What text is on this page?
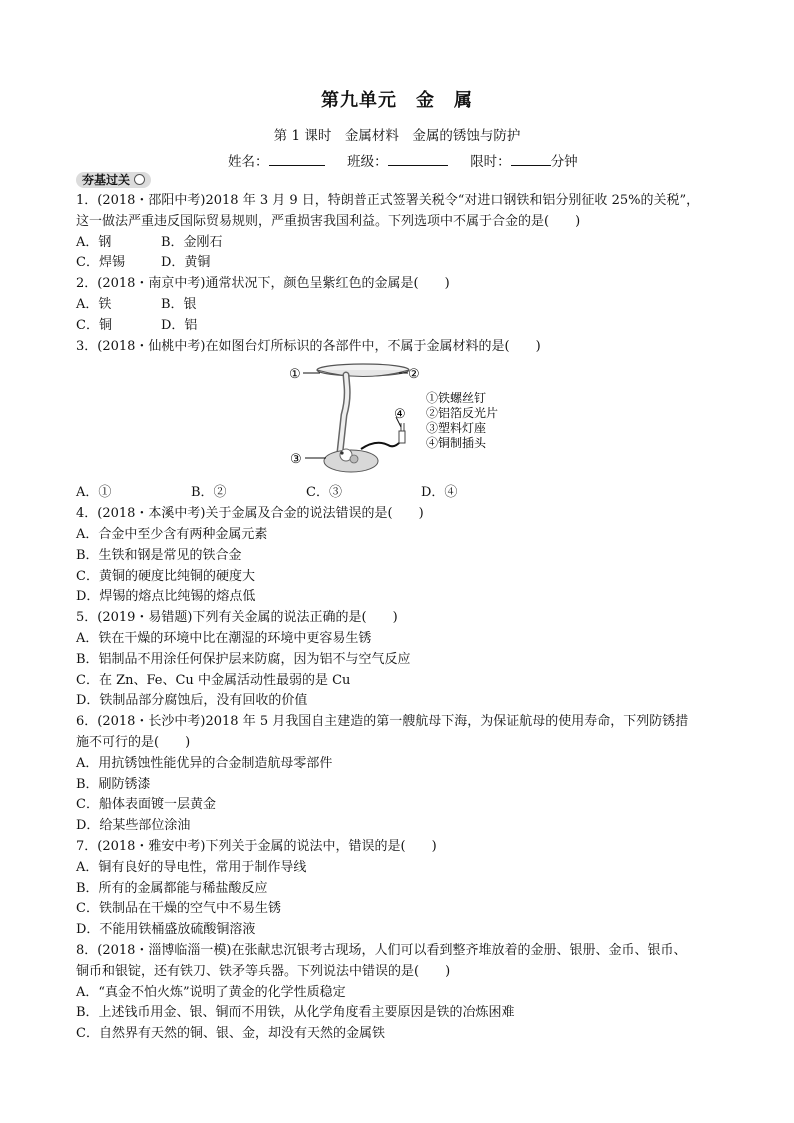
第九单元　金　属
第 1 课时　金属材料　金属的锈蚀与防护
姓名：	班级：	限时：	分钟
夯基过关
1．(2018・邵阳中考)2018 年 3 月 9 日，特朗普正式签署关税令“对进口钢铁和铝分别征收 25%的关税”，
这一做法严重违反国际贸易规则，严重损害我国利益。下列选项中不属于合金的是(　　)
A．钢	B．金刚石
C．焊锡	D．黄铜
2．(2018・南京中考)通常状况下，颜色呈紫红色的金属是(　　)
A．铁	B．银
C．铜	D．铝
3．(2018・仙桃中考)在如图台灯所标识的各部件中，不属于金属材料的是(　　)
①	②
④
③
①铁螺丝钉
②铝箔反光片
③塑料灯座
④铜制插头
A．①	B．②	C．③	D．④
4．(2018・本溪中考)关于金属及合金的说法错误的是(　　)
A．合金中至少含有两种金属元素
B．生铁和钢是常见的铁合金
C．黄铜的硬度比纯铜的硬度大
D．焊锡的熔点比纯锡的熔点低
5．(2019・易错题)下列有关金属的说法正确的是(　　)
A．铁在干燥的环境中比在潮湿的环境中更容易生锈
B．铝制品不用涂任何保护层来防腐，因为铝不与空气反应
C．在 Zn、Fe、Cu 中金属活动性最弱的是 Cu
D．铁制品部分腐蚀后，没有回收的价值
6．(2018・长沙中考)2018 年 5 月我国自主建造的第一艘航母下海，为保证航母的使用寿命，下列防锈措
施不可行的是(　　)
A．用抗锈蚀性能优异的合金制造航母零部件
B．刷防锈漆
C．船体表面镀一层黄金
D．给某些部位涂油
7．(2018・雅安中考)下列关于金属的说法中，错误的是(　　)
A．铜有良好的导电性，常用于制作导线
B．所有的金属都能与稀盐酸反应
C．铁制品在干燥的空气中不易生锈
D．不能用铁桶盛放硫酸铜溶液
8．(2018・淄博临淄一模)在张献忠沉银考古现场，人们可以看到整齐堆放着的金册、银册、金币、银币、
铜币和银锭，还有铁刀、铁矛等兵器。下列说法中错误的是(　　)
A．“真金不怕火炼”说明了黄金的化学性质稳定
B．上述钱币用金、银、铜而不用铁，从化学角度看主要原因是铁的冶炼困难
C．自然界有天然的铜、银、金，却没有天然的金属铁
